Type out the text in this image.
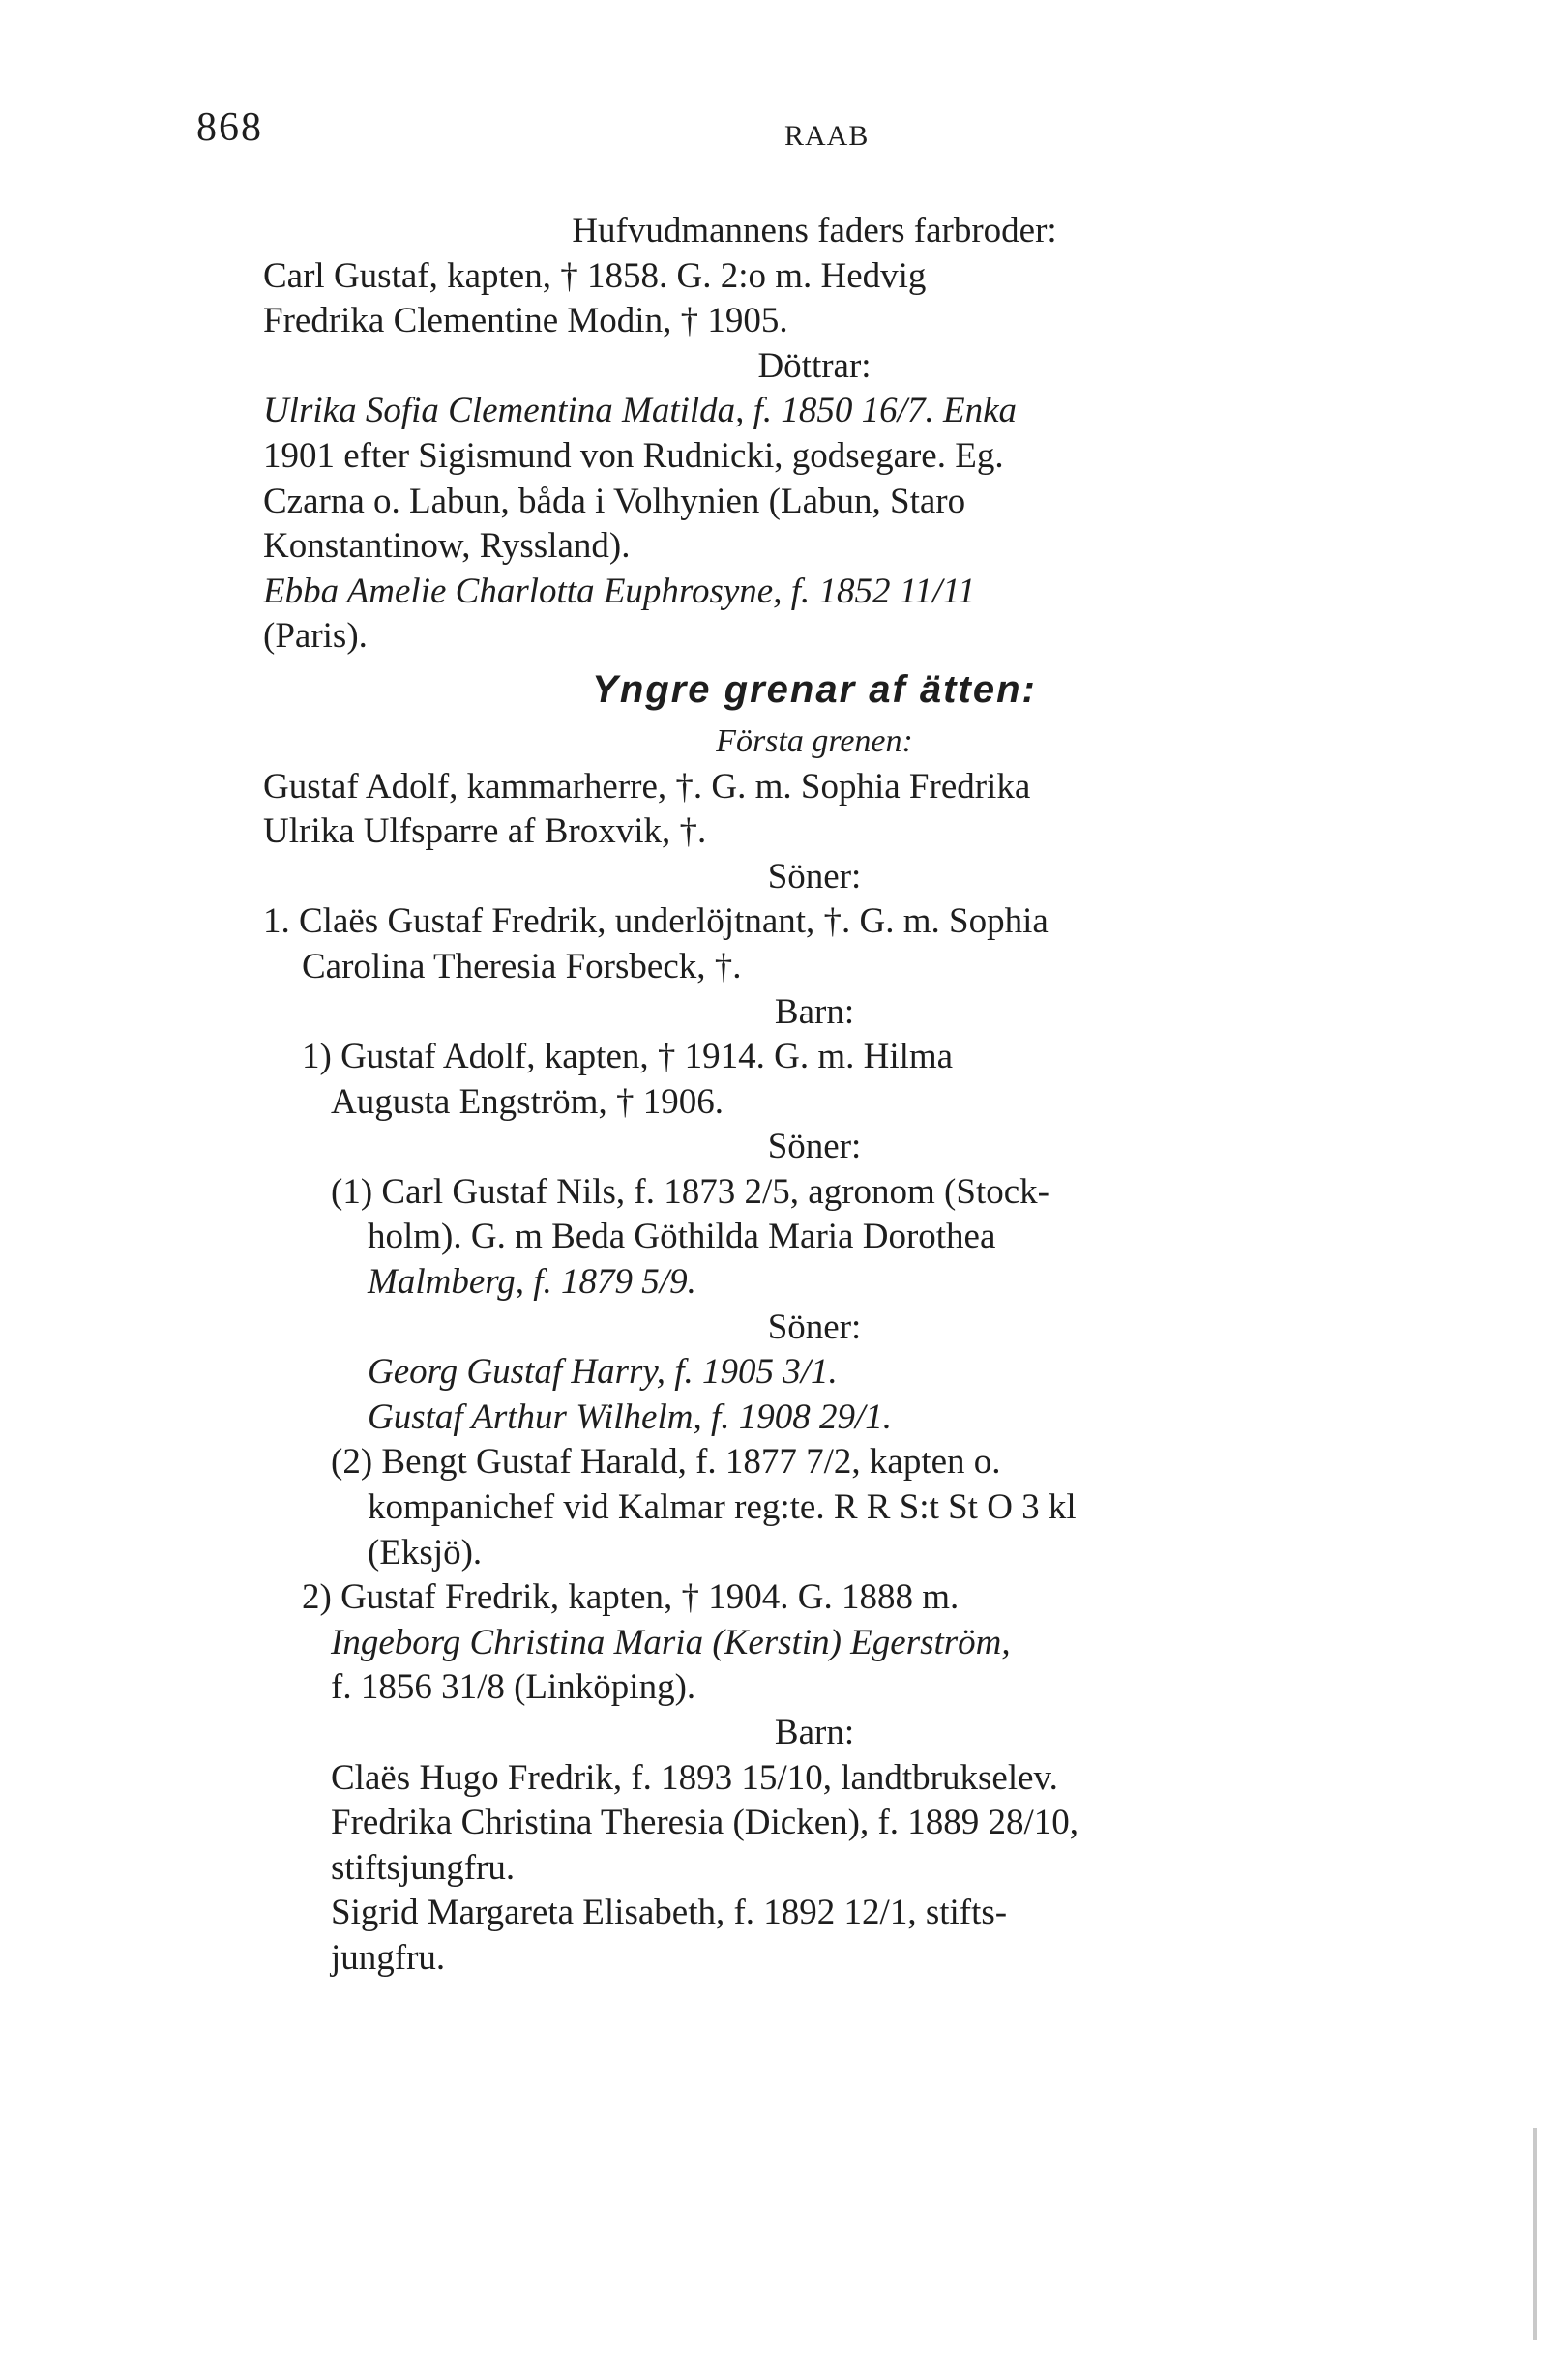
868	RAAB
Hufvudmannens faders farbroder:
Carl Gustaf, kapten, † 1858. G. 2:o m. Hedvig
Fredrika Clementine Modin, † 1905.
Döttrar:
Ulrika Sofia Clementina Matilda, f. 1850 16/7. Enka
1901 efter Sigismund von Rudnicki, godsegare. Eg.
Czarna o. Labun, båda i Volhynien (Labun, Staro
Konstantinow, Ryssland).
Ebba Amelie Charlotta Euphrosyne, f. 1852 11/11
(Paris).
Yngre grenar af ätten:
Första grenen:
Gustaf Adolf, kammarherre, †. G. m. Sophia Fredrika
Ulrika Ulfsparre af Broxvik, †.
Söner:
1. Claës Gustaf Fredrik, underlöjtnant, †. G. m. Sophia
Carolina Theresia Forsbeck, †.
Barn:
1) Gustaf Adolf, kapten, † 1914. G. m. Hilma
Augusta Engström, † 1906.
Söner:
(1) Carl Gustaf Nils, f. 1873 2/5, agronom (Stock-
holm). G. m Beda Göthilda Maria Dorothea
Malmberg, f. 1879 5/9.
Söner:
Georg Gustaf Harry, f. 1905 3/1.
Gustaf Arthur Wilhelm, f. 1908 29/1.
(2) Bengt Gustaf Harald, f. 1877 7/2, kapten o.
kompanichef vid Kalmar reg:te. R R S:t St O 3 kl
(Eksjö).
2) Gustaf Fredrik, kapten, † 1904. G. 1888 m.
Ingeborg Christina Maria (Kerstin) Egerström,
f. 1856 31/8 (Linköping).
Barn:
Claës Hugo Fredrik, f. 1893 15/10, landtbrukselev.
Fredrika Christina Theresia (Dicken), f. 1889 28/10,
stiftsjungfru.
Sigrid Margareta Elisabeth, f. 1892 12/1, stifts-
jungfru.
